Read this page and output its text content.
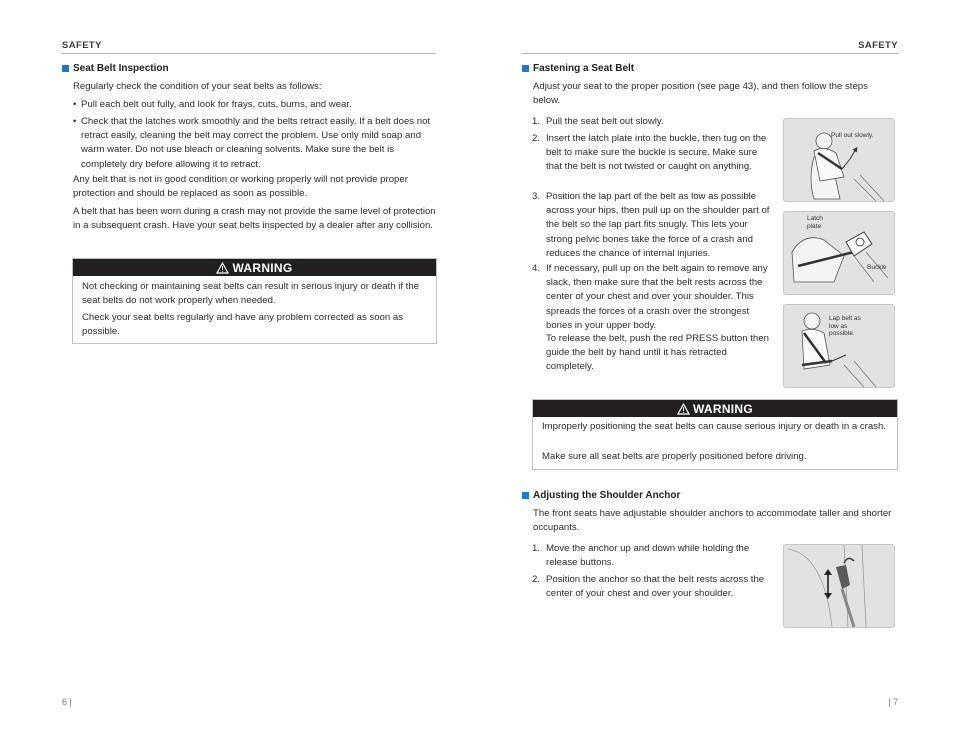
SAFETY
Seat Belt Inspection
Regularly check the condition of your seat belts as follows:
• Pull each belt out fully, and look for frays, cuts, burns, and wear.
• Check that the latches work smoothly and the belts retract easily. If a belt does not retract easily, cleaning the belt may correct the problem. Use only mild soap and warm water. Do not use bleach or cleaning solvents. Make sure the belt is completely dry before allowing it to retract.
Any belt that is not in good condition or working properly will not provide proper protection and should be replaced as soon as possible.
A belt that has been worn during a crash may not provide the same level of protection in a subsequent crash. Have your seat belts inspected by a dealer after any collision.
WARNING
Not checking or maintaining seat belts can result in serious injury or death if the seat belts do not work properly when needed.
Check your seat belts regularly and have any problem corrected as soon as possible.
6 |
SAFETY
Fastening a Seat Belt
Adjust your seat to the proper position (see page 43), and then follow the steps below.
1. Pull the seat belt out slowly.
2. Insert the latch plate into the buckle, then tug on the belt to make sure the buckle is secure. Make sure that the belt is not twisted or caught on anything.
3. Position the lap part of the belt as low as possible across your hips, then pull up on the shoulder part of the belt so the lap part fits snugly. This lets your strong pelvic bones take the force of a crash and reduces the chance of internal injuries.
4. If necessary, pull up on the belt again to remove any slack, then make sure that the belt rests across the center of your chest and over your shoulder. This spreads the forces of a crash over the strongest bones in your upper body.
To release the belt, push the red PRESS button then guide the belt by hand until it has retracted completely.
Pull out slowly.
Latch plate
Buckle
Lap belt as low as possible.
WARNING
Improperly positioning the seat belts can cause serious injury or death in a crash.
Make sure all seat belts are properly positioned before driving.
Adjusting the Shoulder Anchor
The front seats have adjustable shoulder anchors to accommodate taller and shorter occupants.
1. Move the anchor up and down while holding the release buttons.
2. Position the anchor so that the belt rests across the center of your chest and over your shoulder.
| 7
